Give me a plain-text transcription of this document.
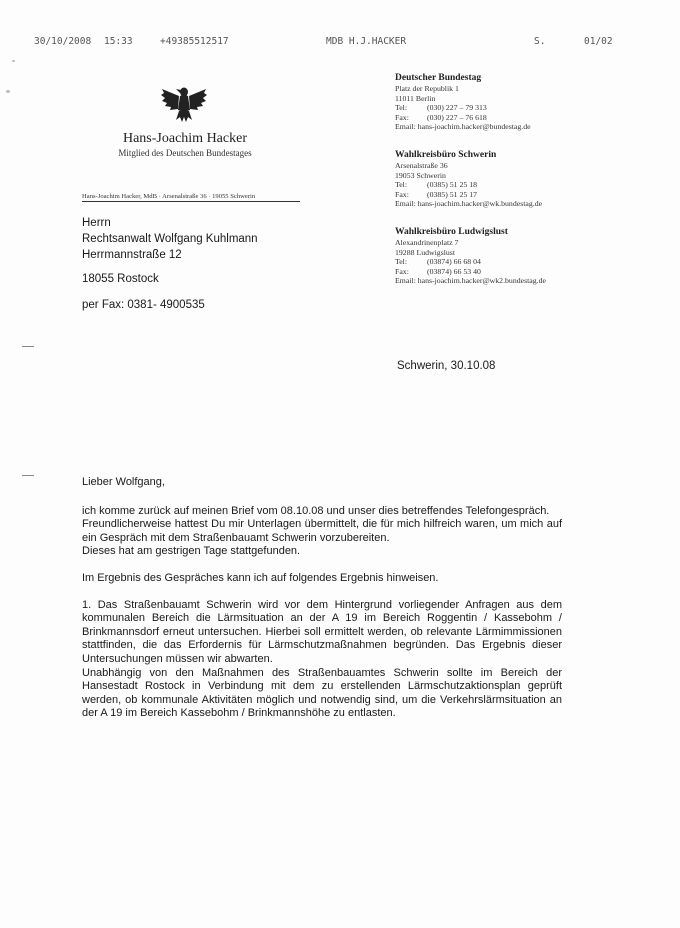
30/10/2008 15:33	+49385512517	MDB H.J.HACKER	S.	01/02
Hans-Joachim Hacker
Mitglied des Deutschen Bundestages
Hans-Joachim Hacker, MdB · Arsenalstraße 36 · 19055 Schwerin
Deutscher Bundestag
Platz der Republik 1
11011 Berlin
Tel:	(030) 227 – 79 313
Fax: (030) 227 – 76 618
Email: hans-joachim.hacker@bundestag.de
Wahlkreisbüro Schwerin
Arsenalstraße 36
19053 Schwerin
Tel:	(0385) 51 25 18
Fax: (0385) 51 25 17
Email: hans-joachim.hacker@wk.bundestag.de
Wahlkreisbüro Ludwigslust
Alexandrinenplatz 7
19288 Ludwigslust
Tel:	(03874) 66 68 04
Fax: (03874) 66 53 40
Email: hans-joachim.hacker@wk2.bundestag.de
Herrn
Rechtsanwalt Wolfgang Kuhlmann
Herrmannstraße 12
18055 Rostock
per Fax: 0381- 4900535
Schwerin, 30.10.08

Lieber Wolfgang,

ich komme zurück auf meinen Brief vom 08.10.08 und unser dies betreffendes Telefongespräch.

Freundlicherweise hattest Du mir Unterlagen übermittelt, die für mich hilfreich waren, um mich auf ein Gespräch mit dem Straßenbauamt Schwerin vorzubereiten.

Dieses hat am gestrigen Tage stattgefunden.

Im Ergebnis des Gespräches kann ich auf folgendes Ergebnis hinweisen.

1. Das Straßenbauamt Schwerin wird vor dem Hintergrund vorliegender Anfragen aus dem kommunalen Bereich die Lärmsituation an der A 19 im Bereich Roggentin / Kassebohm / Brinkmannsdorf erneut untersuchen. Hierbei soll ermittelt werden, ob relevante Lärmimmissionen stattfinden, die das Erfordernis für Lärmschutzmaßnahmen begründen. Das Ergebnis dieser Untersuchungen müssen wir abwarten.

Unabhängig von den Maßnahmen des Straßenbauamtes Schwerin sollte im Bereich der Hansestadt Rostock in Verbindung mit dem zu erstellenden Lärmschutzaktionsplan geprüft werden, ob kommunale Aktivitäten möglich und notwendig sind, um die Verkehrslärmsituation an der A 19 im Bereich Kassebohm / Brinkmannshöhe zu entlasten.
